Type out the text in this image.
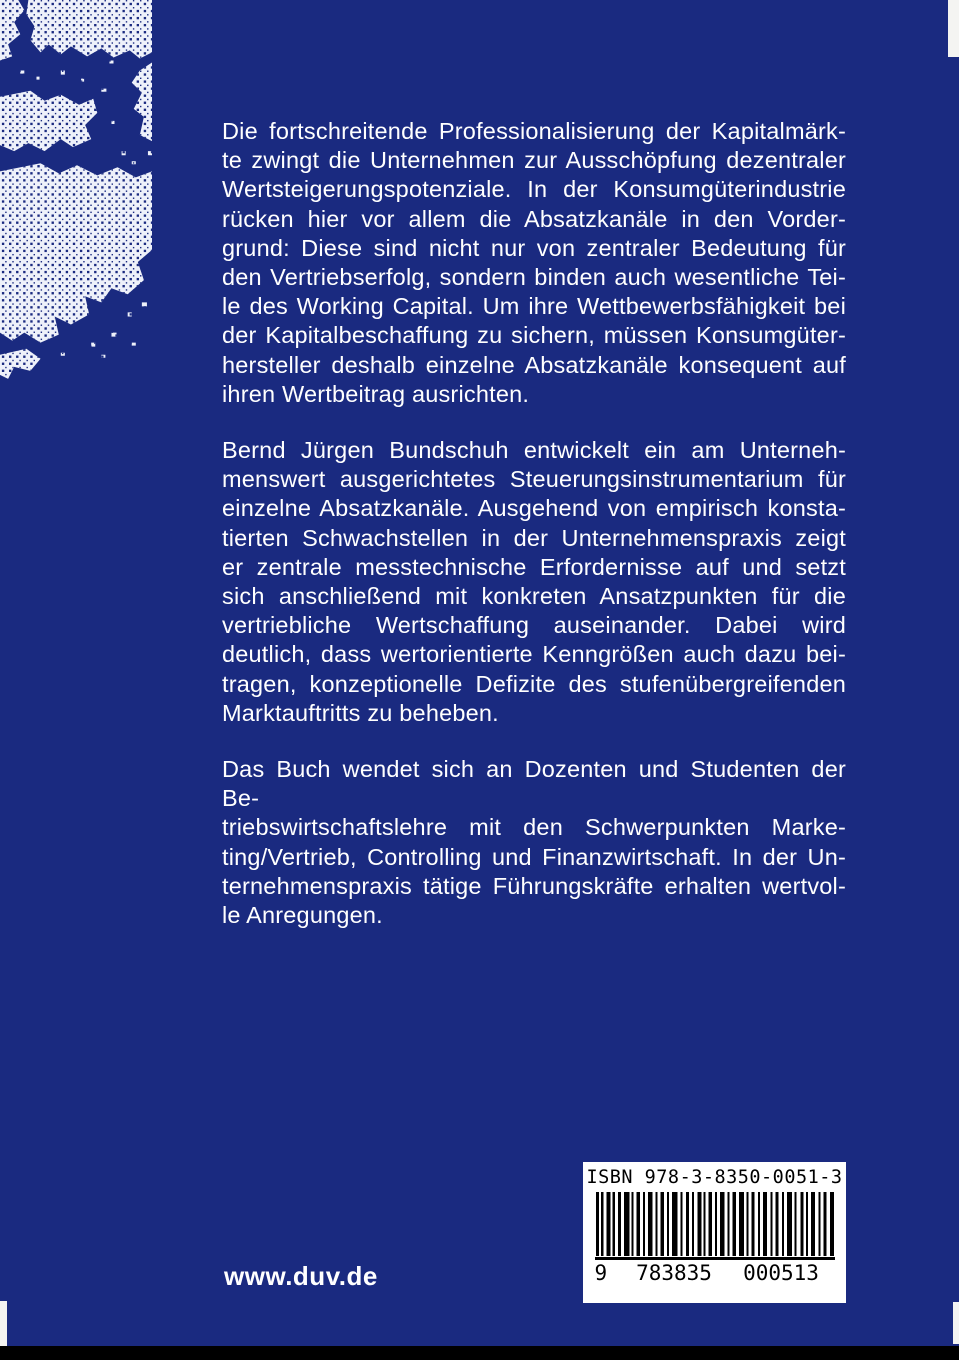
Die fortschreitende Professionalisierung der Kapitalmärk-
te zwingt die Unternehmen zur Ausschöpfung dezentraler
Wertsteigerungspotenziale. In der Konsumgüterindustrie
rücken hier vor allem die Absatzkanäle in den Vorder-
grund: Diese sind nicht nur von zentraler Bedeutung für
den Vertriebserfolg, sondern binden auch wesentliche Tei-
le des Working Capital. Um ihre Wettbewerbsfähigkeit bei
der Kapitalbeschaffung zu sichern, müssen Konsumgüter-
hersteller deshalb einzelne Absatzkanäle konsequent auf
ihren Wertbeitrag ausrichten.
Bernd Jürgen Bundschuh entwickelt ein am Unterneh-
menswert ausgerichtetes Steuerungsinstrumentarium für
einzelne Absatzkanäle. Ausgehend von empirisch konsta-
tierten Schwachstellen in der Unternehmenspraxis zeigt
er zentrale messtechnische Erfordernisse auf und setzt
sich anschließend mit konkreten Ansatzpunkten für die
vertriebliche Wertschaffung auseinander. Dabei wird
deutlich, dass wertorientierte Kenngrößen auch dazu bei-
tragen, konzeptionelle Defizite des stufenübergreifenden
Marktauftritts zu beheben.
Das Buch wendet sich an Dozenten und Studenten der Be-
triebswirtschaftslehre mit den Schwerpunkten Marke-
ting/Vertrieb, Controlling und Finanzwirtschaft. In der Un-
ternehmenspraxis tätige Führungskräfte erhalten wertvol-
le Anregungen.
www.duv.de
ISBN 978-3-8350-0051-3
9	783835	000513
